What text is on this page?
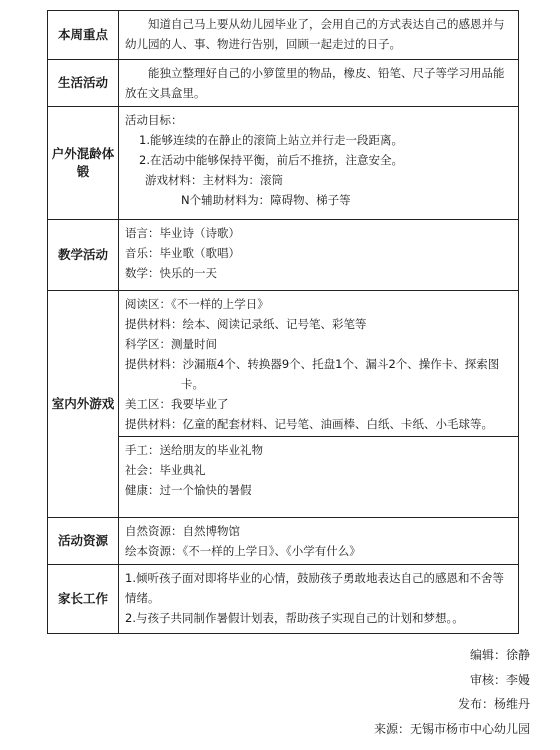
本周重点

知道自己马上要从幼儿园毕业了，会用自己的方式表达自己的感恩并与幼儿园的人、事、物进行告别，回顾一起走过的日子。

生活活动

能独立整理好自己的小箩筐里的物品，橡皮、铅笔、尺子等学习用品能放在文具盒里。

户外混龄体锻

活动目标：

1.能够连续的在静止的滚筒上站立并行走一段距离。

2.在活动中能够保持平衡，前后不推挤，注意安全。

游戏材料：主材料为：滚筒

N个辅助材料为：障碍物、梯子等

教学活动

语言：毕业诗（诗歌）

音乐：毕业歌（歌唱）

数学：快乐的一天

室内外游戏

阅读区：《不一样的上学日》

提供材料：绘本、阅读记录纸、记号笔、彩笔等

科学区：测量时间

提供材料：沙漏瓶4个、转换器9个、托盘1个、漏斗2个、操作卡、探索图卡。

美工区：我要毕业了

提供材料：亿童的配套材料、记号笔、油画棒、白纸、卡纸、小毛球等。

手工：送给朋友的毕业礼物

社会：毕业典礼

健康：过一个愉快的暑假

活动资源

自然资源：自然博物馆

绘本资源：《不一样的上学日》、《小学有什么》

家长工作

1.倾听孩子面对即将毕业的心情，鼓励孩子勇敢地表达自己的感恩和不舍等情绪。

2.与孩子共同制作暑假计划表，帮助孩子实现自己的计划和梦想。。

编辑：徐静

审核：李嫚

发布：杨维丹

来源：无锡市杨市中心幼儿园
